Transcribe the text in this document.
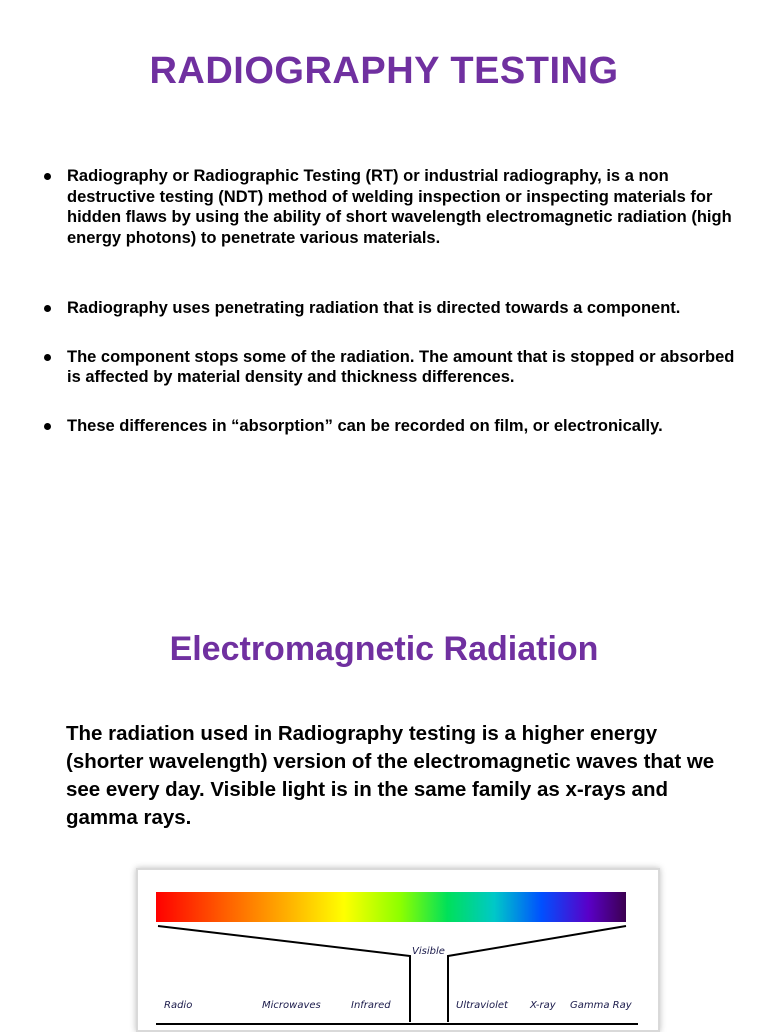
RADIOGRAPHY TESTING
Radiography or Radiographic Testing (RT) or industrial radiography, is a non destructive testing (NDT) method of welding inspection or inspecting materials for hidden flaws by using the ability of short wavelength electromagnetic radiation (high energy photons) to penetrate various materials.
Radiography uses penetrating radiation that is directed towards a component.
The component stops some of the radiation. The amount that is stopped or absorbed is affected by material density and thickness differences.
These differences in “absorption” can be recorded on film, or electronically.
Electromagnetic Radiation

The radiation used in Radiography testing is a higher energy (shorter wavelength) version of the electromagnetic waves that we see every day. Visible light is in the same family as x-rays and gamma rays.

Visible
Radio	Microwaves	Infrared	Ultraviolet X-ray Gamma Ray
